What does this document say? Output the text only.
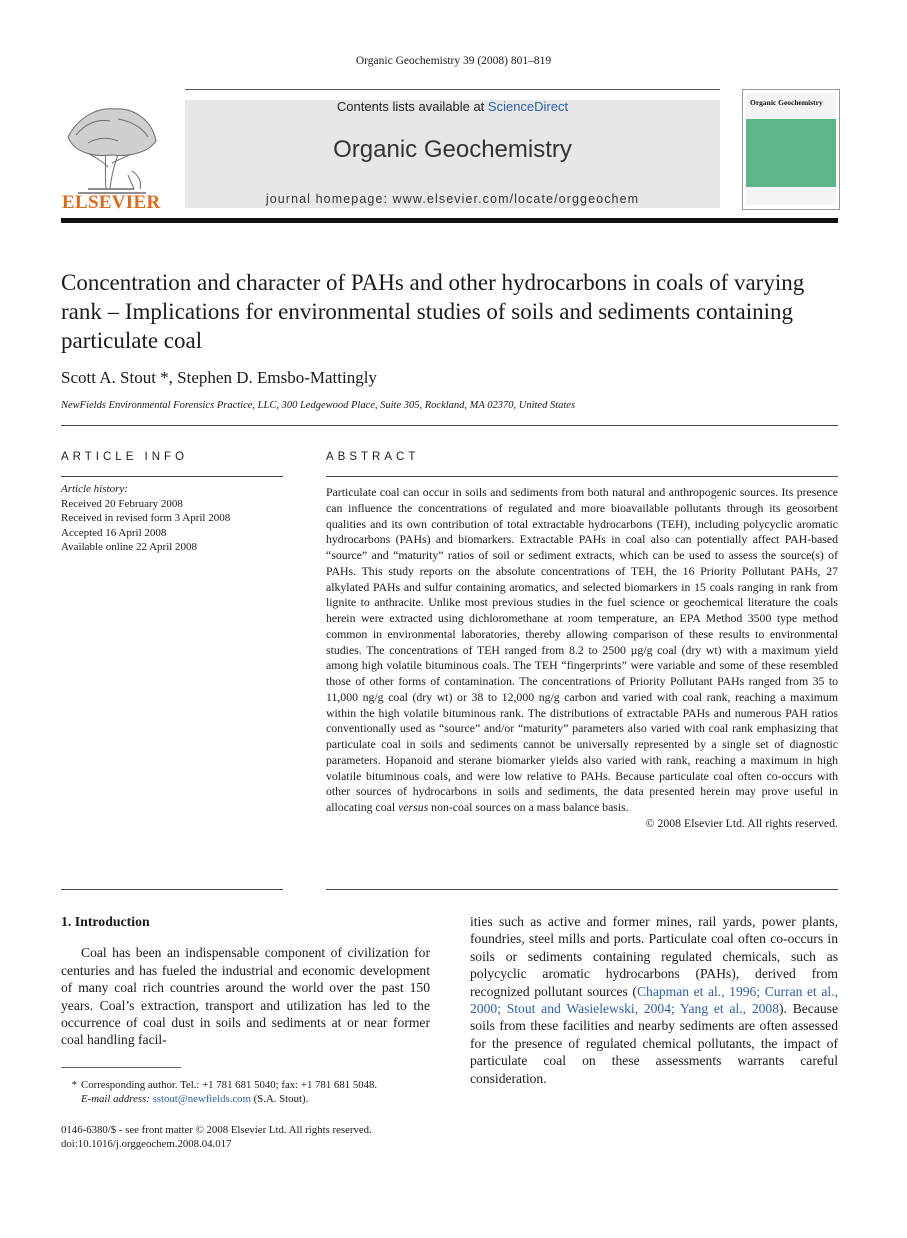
Organic Geochemistry 39 (2008) 801–819
ELSEVIER
Contents lists available at ScienceDirect
Organic Geochemistry
journal homepage: www.elsevier.com/locate/orggeochem
Organic Geochemistry
Concentration and character of PAHs and other hydrocarbons in coals of varying rank – Implications for environmental studies of soils and sediments containing particulate coal
Scott A. Stout *, Stephen D. Emsbo-Mattingly
NewFields Environmental Forensics Practice, LLC, 300 Ledgewood Place, Suite 305, Rockland, MA 02370, United States
ARTICLE INFO
Article history:
Received 20 February 2008
Received in revised form 3 April 2008
Accepted 16 April 2008
Available online 22 April 2008
ABSTRACT
Particulate coal can occur in soils and sediments from both natural and anthropogenic sources. Its presence can influence the concentrations of regulated and more bioavailable pollutants through its geosorbent qualities and its own contribution of total extractable hydrocarbons (TEH), including polycyclic aromatic hydrocarbons (PAHs) and biomarkers. Extractable PAHs in coal also can potentially affect PAH-based “source” and “maturity” ratios of soil or sediment extracts, which can be used to assess the source(s) of PAHs. This study reports on the absolute concentrations of TEH, the 16 Priority Pollutant PAHs, 27 alkylated PAHs and sulfur containing aromatics, and selected biomarkers in 15 coals ranging in rank from lignite to anthracite. Unlike most previous studies in the fuel science or geochemical literature the coals herein were extracted using dichloromethane at room temperature, an EPA Method 3500 type method common in environmental laboratories, thereby allowing comparison of these results to environmental studies. The concentrations of TEH ranged from 8.2 to 2500 µg/g coal (dry wt) with a maximum yield among high volatile bituminous coals. The TEH “fingerprints” were variable and some of these resembled those of other forms of contamination. The concentrations of Priority Pollutant PAHs ranged from 35 to 11,000 ng/g coal (dry wt) or 38 to 12,000 ng/g carbon and varied with coal rank, reaching a maximum within the high volatile bituminous rank. The distributions of extractable PAHs and numerous PAH ratios conventionally used as “source” and/or “maturity” parameters also varied with coal rank emphasizing that particulate coal in soils and sediments cannot be universally represented by a single set of diagnostic parameters. Hopanoid and sterane biomarker yields also varied with rank, reaching a maximum in high volatile bituminous coals, and were low relative to PAHs. Because particulate coal often co-occurs with other sources of hydrocarbons in soils and sediments, the data presented herein may prove useful in allocating coal versus non-coal sources on a mass balance basis.
© 2008 Elsevier Ltd. All rights reserved.
1. Introduction
Coal has been an indispensable component of civilization for centuries and has fueled the industrial and economic development of many coal rich countries around the world over the past 150 years. Coal’s extraction, transport and utilization has led to the occurrence of coal dust in soils and sediments at or near former coal handling facil-
ities such as active and former mines, rail yards, power plants, foundries, steel mills and ports. Particulate coal often co-occurs in soils or sediments containing regulated chemicals, such as polycyclic aromatic hydrocarbons (PAHs), derived from recognized pollutant sources (Chapman et al., 1996; Curran et al., 2000; Stout and Wasielewski, 2004; Yang et al., 2008). Because soils from these facilities and nearby sediments are often assessed for the presence of regulated chemical pollutants, the impact of particulate coal on these assessments warrants careful consideration.
* Corresponding author. Tel.: +1 781 681 5040; fax: +1 781 681 5048.
E-mail address: sstout@newfields.com (S.A. Stout).
0146-6380/$ - see front matter © 2008 Elsevier Ltd. All rights reserved.
doi:10.1016/j.orggeochem.2008.04.017
